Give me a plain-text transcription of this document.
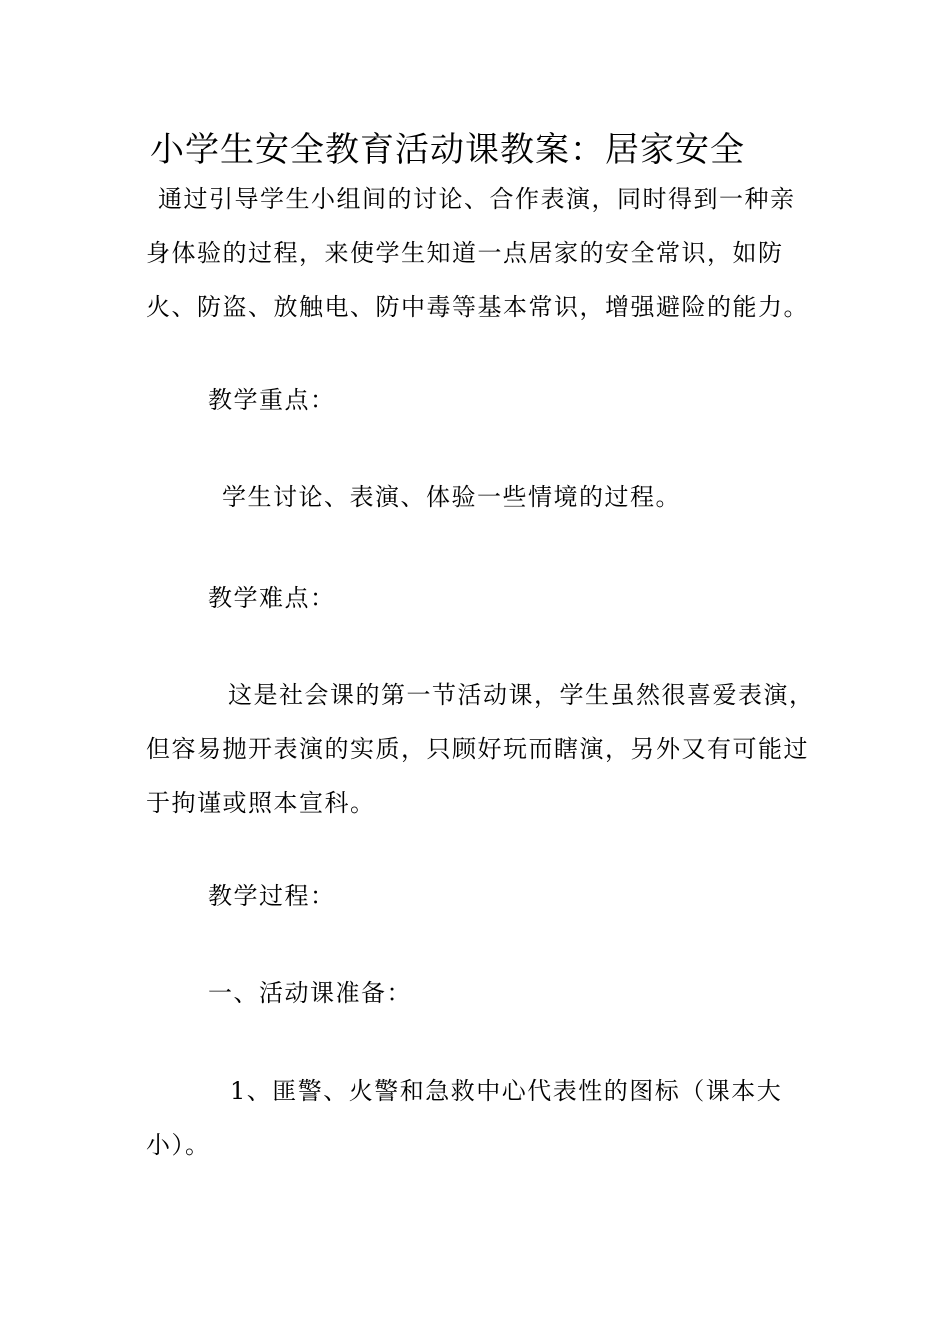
小学生安全教育活动课教案：居家安全
通过引导学生小组间的讨论、合作表演，同时得到一种亲身体验的过程，来使学生知道一点居家的安全常识，如防火、防盗、放触电、防中毒等基本常识，增强避险的能力。
教学重点：
学生讨论、表演、体验一些情境的过程。
教学难点：
这是社会课的第一节活动课，学生虽然很喜爱表演，但容易抛开表演的实质，只顾好玩而瞎演，另外又有可能过于拘谨或照本宣科。
教学过程：
一、活动课准备：
1、匪警、火警和急救中心代表性的图标（课本大小）。
